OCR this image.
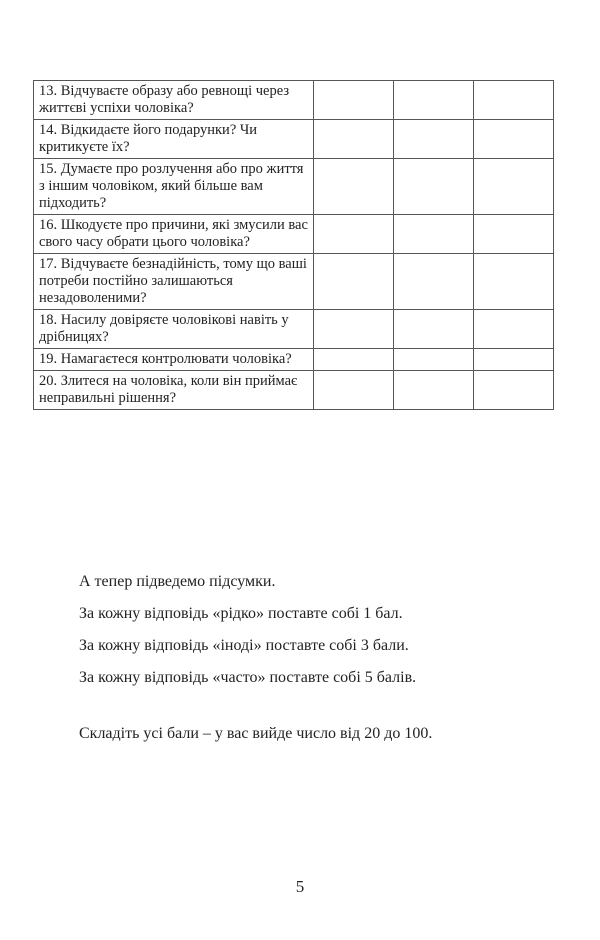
13. Відчуваєте образу або ревнощі через життєві успіхи чоловіка?			
14. Відкидаєте його подарунки? Чи критикуєте їх?			
15. Думаєте про розлучення або про життя з іншим чоловіком, який більше вам підходить?			
16. Шкодуєте про причини, які змусили вас свого часу обрати цього чоловіка?			
17. Відчуваєте безнадійність, тому що ваші потреби постійно залишаються незадоволеними?			
18. Насилу довіряєте чоловікові навіть у дрібницях?			
19. Намагаєтеся контролювати чоловіка?			
20. Злитеся на чоловіка, коли він приймає неправильні рішення?			

А тепер підведемо підсумки.

За кожну відповідь «рідко» поставте собі 1 бал.

За кожну відповідь «іноді» поставте собі 3 бали.

За кожну відповідь «часто» поставте собі 5 балів.

Складіть усі бали – у вас вийде число від 20 до 100.

5
